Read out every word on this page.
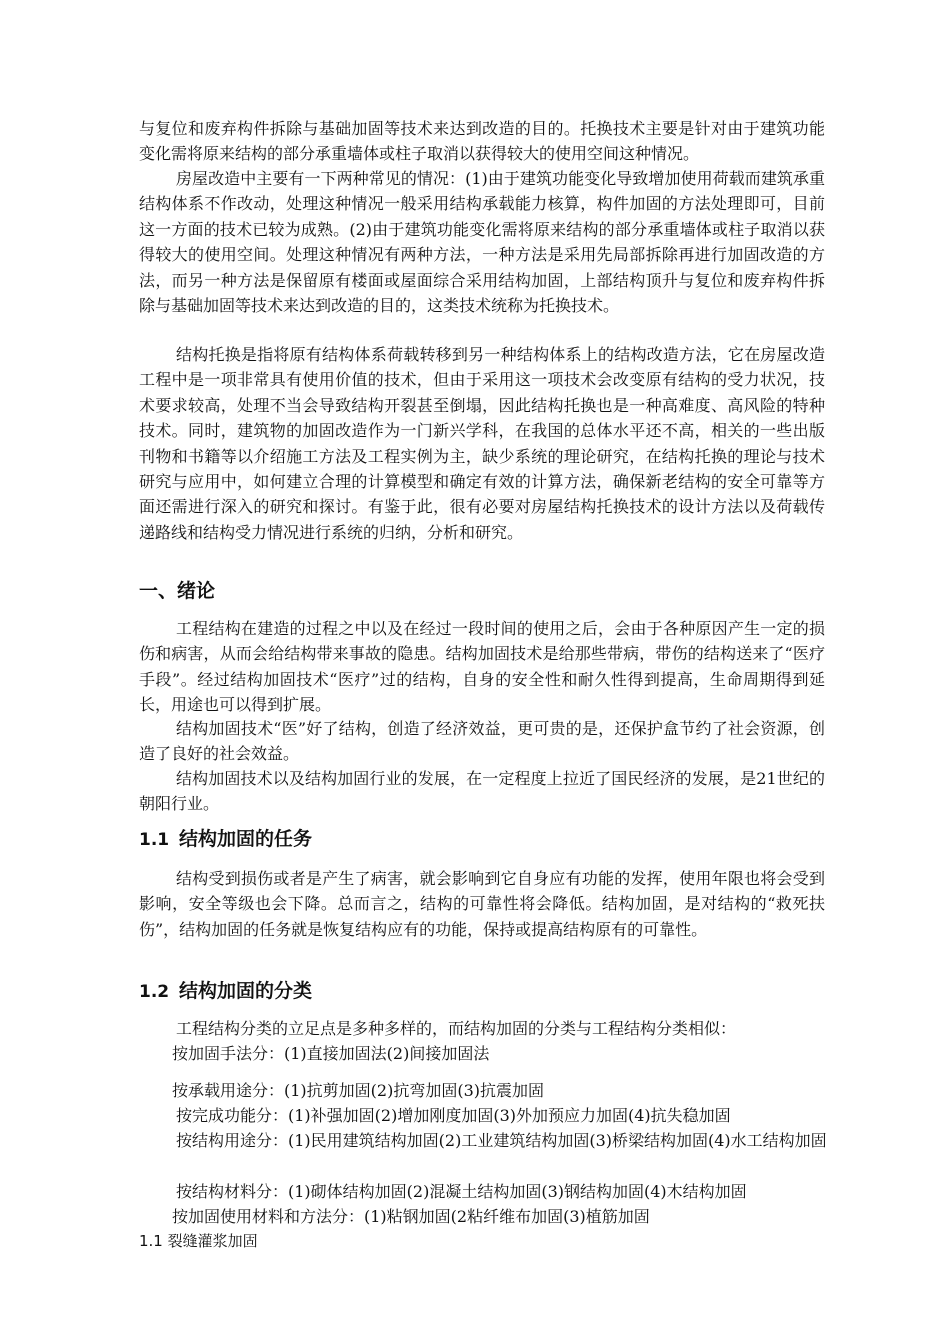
与复位和废弃构件拆除与基础加固等技术来达到改造的目的。托换技术主要是针对由于建筑功能变化需将原来结构的部分承重墙体或柱子取消以获得较大的使用空间这种情况。

房屋改造中主要有一下两种常见的情况：(1)由于建筑功能变化导致增加使用荷载而建筑承重结构体系不作改动，处理这种情况一般采用结构承载能力核算，构件加固的方法处理即可，目前这一方面的技术已较为成熟。(2)由于建筑功能变化需将原来结构的部分承重墙体或柱子取消以获得较大的使用空间。处理这种情况有两种方法，一种方法是采用先局部拆除再进行加固改造的方法，而另一种方法是保留原有楼面或屋面综合采用结构加固，上部结构顶升与复位和废弃构件拆除与基础加固等技术来达到改造的目的，这类技术统称为托换技术。

结构托换是指将原有结构体系荷载转移到另一种结构体系上的结构改造方法，它在房屋改造工程中是一项非常具有使用价值的技术，但由于采用这一项技术会改变原有结构的受力状况，技术要求较高，处理不当会导致结构开裂甚至倒塌，因此结构托换也是一种高难度、高风险的特种技术。同时，建筑物的加固改造作为一门新兴学科，在我国的总体水平还不高，相关的一些出版刊物和书籍等以介绍施工方法及工程实例为主，缺少系统的理论研究，在结构托换的理论与技术研究与应用中，如何建立合理的计算模型和确定有效的计算方法，确保新老结构的安全可靠等方面还需进行深入的研究和探讨。有鉴于此，很有必要对房屋结构托换技术的设计方法以及荷载传递路线和结构受力情况进行系统的归纳，分析和研究。

一、绪论

工程结构在建造的过程之中以及在经过一段时间的使用之后，会由于各种原因产生一定的损伤和病害，从而会给结构带来事故的隐患。结构加固技术是给那些带病，带伤的结构送来了“医疗手段”。经过结构加固技术“医疗”过的结构，自身的安全性和耐久性得到提高，生命周期得到延长，用途也可以得到扩展。

结构加固技术“医”好了结构，创造了经济效益，更可贵的是，还保护盒节约了社会资源，创造了良好的社会效益。

结构加固技术以及结构加固行业的发展，在一定程度上拉近了国民经济的发展，是21世纪的朝阳行业。

1.1 结构加固的任务

结构受到损伤或者是产生了病害，就会影响到它自身应有功能的发挥，使用年限也将会受到影响，安全等级也会下降。总而言之，结构的可靠性将会降低。结构加固，是对结构的“救死扶伤”，结构加固的任务就是恢复结构应有的功能，保持或提高结构原有的可靠性。

1.2 结构加固的分类

工程结构分类的立足点是多种多样的，而结构加固的分类与工程结构分类相似：

按加固手法分：(1)直接加固法(2)间接加固法

按承载用途分：(1)抗剪加固(2)抗弯加固(3)抗震加固

按完成功能分：(1)补强加固(2)增加刚度加固(3)外加预应力加固(4)抗失稳加固

按结构用途分：(1)民用建筑结构加固(2)工业建筑结构加固(3)桥梁结构加固(4)水工结构加固

按结构材料分：(1)砌体结构加固(2)混凝土结构加固(3)钢结构加固(4)木结构加固

按加固使用材料和方法分：(1)粘钢加固(2粘纤维布加固(3)植筋加固

1.1 裂缝灌浆加固
